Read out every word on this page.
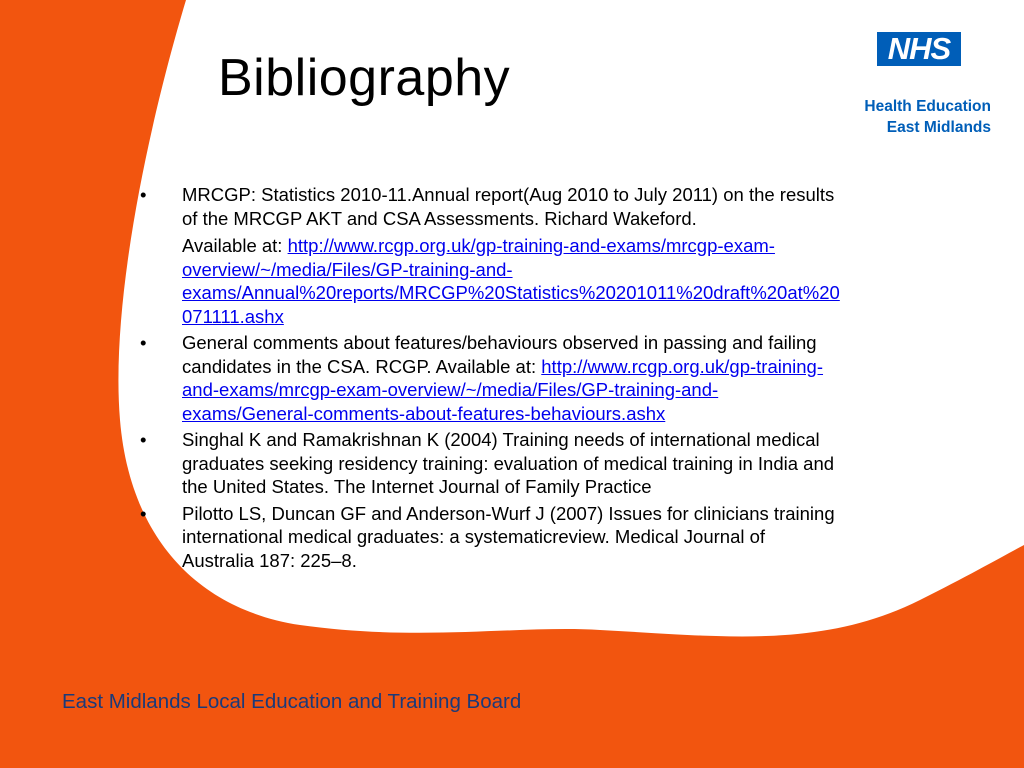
Bibliography
NHS
Health Education
East Midlands
• MRCGP: Statistics 2010-11.Annual report(Aug 2010 to July 2011) on the results
of the MRCGP AKT and CSA Assessments. Richard Wakeford.
Available at: http://www.rcgp.org.uk/gp-training-and-exams/mrcgp-exam-
overview/~/media/Files/GP-training-and-
exams/Annual%20reports/MRCGP%20Statistics%20201011%20draft%20at%20
071111.ashx
• General comments about features/behaviours observed in passing and failing
candidates in the CSA. RCGP. Available at: http://www.rcgp.org.uk/gp-training-
and-exams/mrcgp-exam-overview/~/media/Files/GP-training-and-
exams/General-comments-about-features-behaviours.ashx
• Singhal K and Ramakrishnan K (2004) Training needs of international medical
graduates seeking residency training: evaluation of medical training in India and
the United States. The Internet Journal of Family Practice
• Pilotto LS, Duncan GF and Anderson-Wurf J (2007) Issues for clinicians training
international medical graduates: a systematicreview. Medical Journal of
Australia 187: 225–8.
East Midlands Local Education and Training Board
